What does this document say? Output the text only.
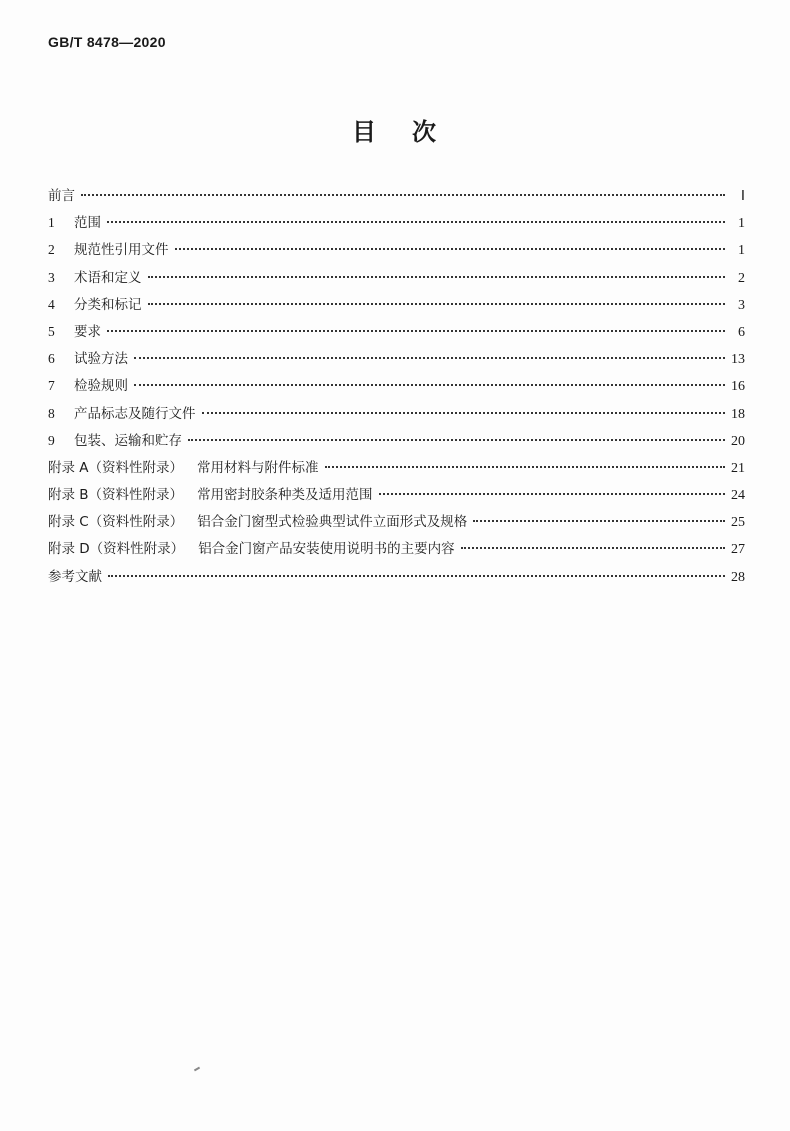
GB/T 8478—2020
目 次
前言	Ⅰ
1	范围	1
2	规范性引用文件	1
3	术语和定义	2
4	分类和标记	3
5	要求	6
6	试验方法	13
7	检验规则	16
8	产品标志及随行文件	18
9	包装、运输和贮存	20
附录 A（资料性附录） 常用材料与附件标准	21
附录 B（资料性附录） 常用密封胶条种类及适用范围	24
附录 C（资料性附录） 铝合金门窗型式检验典型试件立面形式及规格	25
附录 D（资料性附录） 铝合金门窗产品安装使用说明书的主要内容	27
参考文献	28
